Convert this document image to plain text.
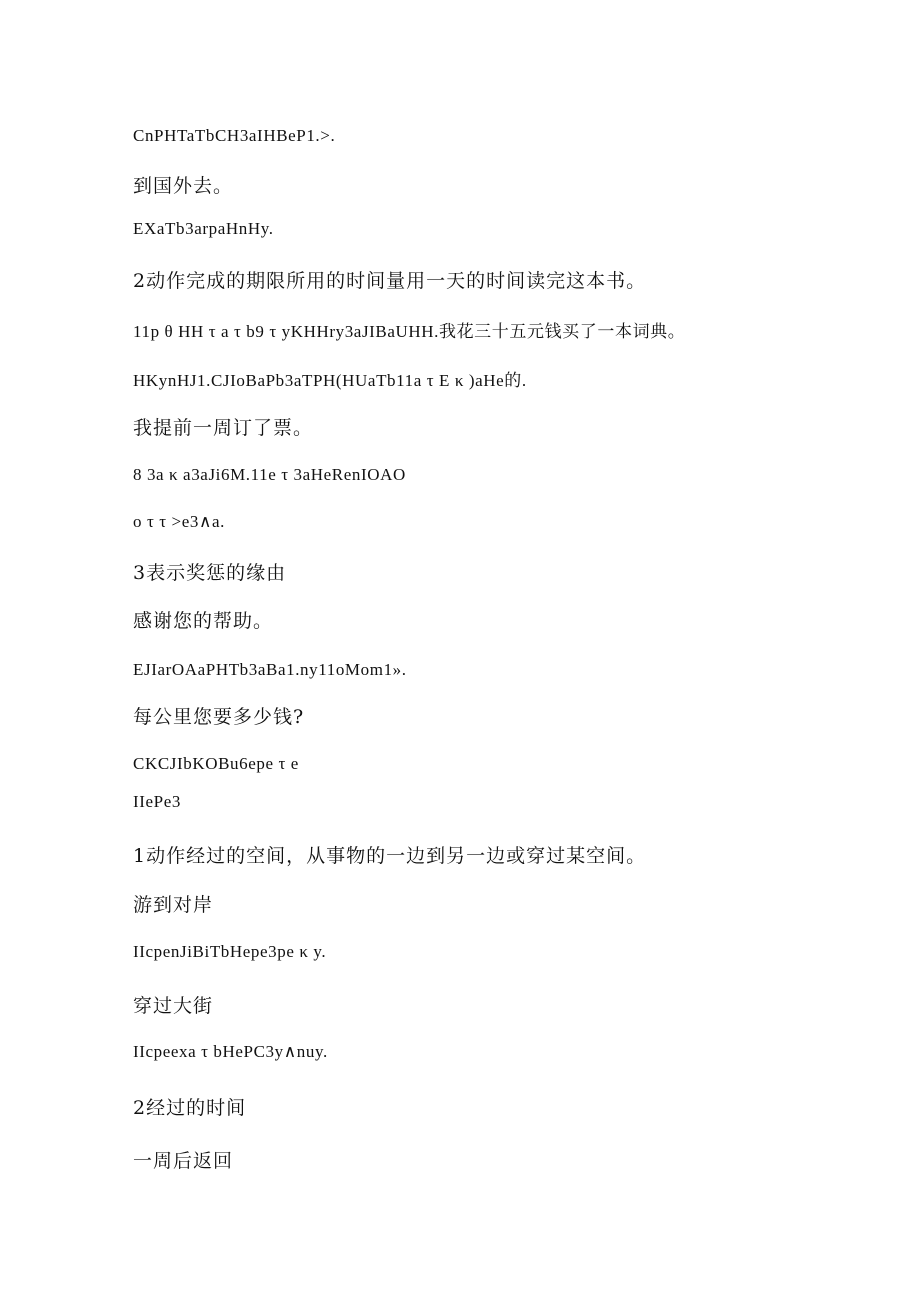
CnPHTaTbCH3aIHBeP1.>.
到国外去。
EXaTb3arpaHnHy.
2动作完成的期限所用的时间量用一天的时间读完这本书。
11p θ HH τ a τ b9 τ yKHHry3aJIBaUHH.我花三十五元钱买了一本词典。
HKynHJ1.CJIoBaPb3aTPH(HUaTb11a τ E κ )aHe的.
我提前一周订了票。
8 3a κ a3aJi6M.11e τ 3aHeRenIOAO
o τ τ >e3∧a.
3表示奖惩的缘由
感谢您的帮助。
EJIarOAaPHTb3aBa1.ny11oMom1».
每公里您要多少钱?
CKCJIbKOBu6epe τ e
IIePe3
1动作经过的空间，从事物的一边到另一边或穿过某空间。
游到对岸
IIcpenJiBiTbHepe3pe κ y.
穿过大街
IIcpeexa τ bHePC3y∧nuy.
2经过的时间
一周后返回
